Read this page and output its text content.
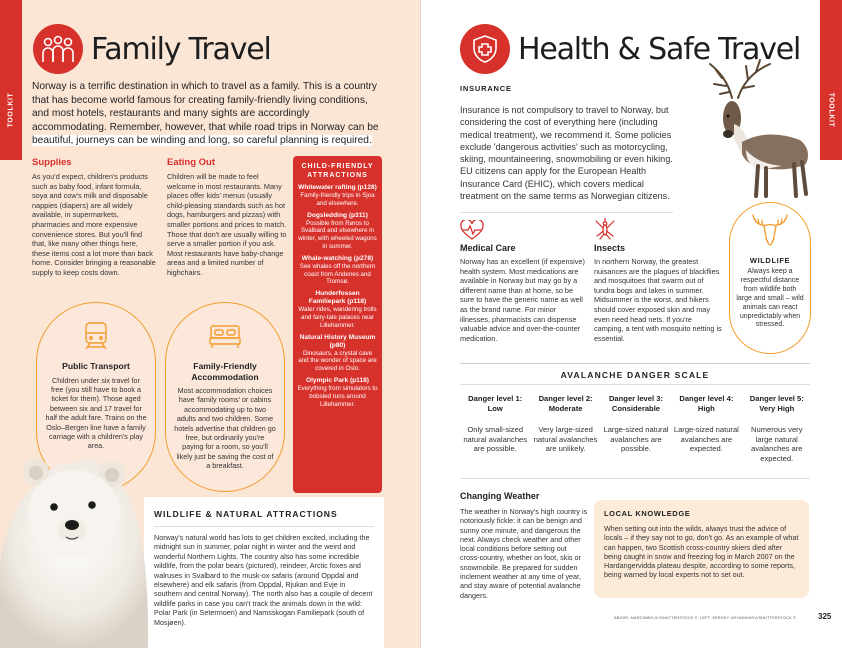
TOOLKIT
Family Travel
Norway is a terrific destination in which to travel as a family. This is a country that has become world famous for creating family-friendly living conditions, and most hotels, restaurants and many sights are accordingly accommodating. Remember, however, that while road trips in Norway can be beautiful, journeys can be winding and long, so careful planning is required.
Supplies
As you'd expect, children's products such as baby food, infant formula, soya and cow's milk and disposable nappies (diapers) are all widely available, in supermarkets, pharmacies and more expensive convenience stores. But you'll find that, like many other things here, these items cost a lot more than back home. Consider bringing a reasonable supply to keep costs down.
Eating Out
Children will be made to feel welcome in most restaurants. Many places offer kids' menus (usually child-pleasing standards such as hot dogs, hamburgers and pizzas) with smaller portions and prices to match. Those that don't are usually willing to serve a smaller portion if you ask. Most restaurants have baby-change areas and a limited number of highchairs.
CHILD-FRIENDLY ATTRACTIONS
Whitewater rafting (p128)
Family-friendly trips in Sjoa and elsewhere.
Dogsledding (p311)
Possible from Røros to Svalbard and elsewhere in winter, with wheeled wagons in summer.
Whale-watching (p278)
See whales off the northern coast from Andenes and Tromsø.
Hunderfossen Familiepark (p118)
Water rides, wandering trolls and fairy-tale palaces near Lillehammer.
Natural History Museum (p80)
Dinosaurs, a crystal cave and the wonder of space are covered in Oslo.
Olympic Park (p118)
Everything from simulators to bobsled runs around Lillehammer.
Public Transport
Children under six travel for free (you still have to book a ticket for them). Those aged between six and 17 travel for half the adult fare. Trains on the Oslo–Bergen line have a family carriage with a children's play area.
Family-Friendly Accommodation
Most accommodation choices have 'family rooms' or cabins accommodating up to two adults and two children. Some hotels advertise that children go free, but ordinarily you're paying for a room, so you'll likely just be saving the cost of a breakfast.
WILDLIFE & NATURAL ATTRACTIONS
Norway's natural world has lots to get children excited, including the midnight sun in summer, polar night in winter and the weird and wonderful Northern Lights. The country also has some incredible wildlife, from the polar bears (pictured), reindeer, Arctic foxes and walruses in Svalbard to the musk-ox safaris (around Oppdal and elsewhere) and elk safaris (from Oppdal, Rjukan and Evje in southern and central Norway). The north also has a couple of decent wildlife parks in case you can't track the animals down in the wild: Polar Park (in Setermoen) and Namsskogan Familiepark (south of Mosjøen).
TOOLKIT
Health & Safe Travel
INSURANCE
Insurance is not compulsory to travel to Norway, but considering the cost of everything here (including medical treatment), we recommend it. Some policies exclude 'dangerous activities' such as motorcycling, skiing, mountaineering, snowmobiling or even hiking. EU citizens can apply for the European Health Insurance Card (EHIC), which covers medical treatment on the same terms as Norwegian citizens.
Medical Care
Norway has an excellent (if expensive) health system. Most medications are available in Norway but may go by a different name than at home, so be sure to have the generic name as well as the brand name. For minor illnesses, pharmacists can dispense valuable advice and over-the-counter medication.
Insects
In northern Norway, the greatest nuisances are the plagues of blackflies and mosquitoes that swarm out of tundra bogs and lakes in summer. Midsummer is the worst, and hikers should cover exposed skin and may even need head nets. If you're camping, a tent with mosquito netting is essential.
WILDLIFE
Always keep a respectful distance from wildlife both large and small – wild animals can react unpredictably when stressed.
AVALANCHE DANGER SCALE
Danger level 1: Low
Only small-sized natural avalanches are possible.
Danger level 2: Moderate
Very large-sized natural avalanches are unlikely.
Danger level 3: Considerable
Large-sized natural avalanches are possible.
Danger level 4: High
Large-sized natural avalanches are expected.
Danger level 5: Very High
Numerous very large natural avalanches are expected.
Changing Weather
The weather in Norway's high country is notoriously fickle: it can be benign and sunny one minute, and dangerous the next. Always check weather and other local conditions before setting out cross-country, whether on foot, skis or snowmobile. Be prepared for sudden inclement weather at any time of year, and stay aware of potential avalanche dangers.
LOCAL KNOWLEDGE
When setting out into the wilds, always trust the advice of locals – if they say not to go, don't go. As an example of what can happen, two Scottish cross-country skiers died after being caught in snow and freezing fog in March 2007 on the Hardangervidda plateau despite, according to some reports, being warned by local experts not to set out.
ABOVE: MARCINWOJC/SHUTTERSTOCK ©; LEFT: SERGEY URYADNIKOV/SHUTTERSTOCK ©	325
